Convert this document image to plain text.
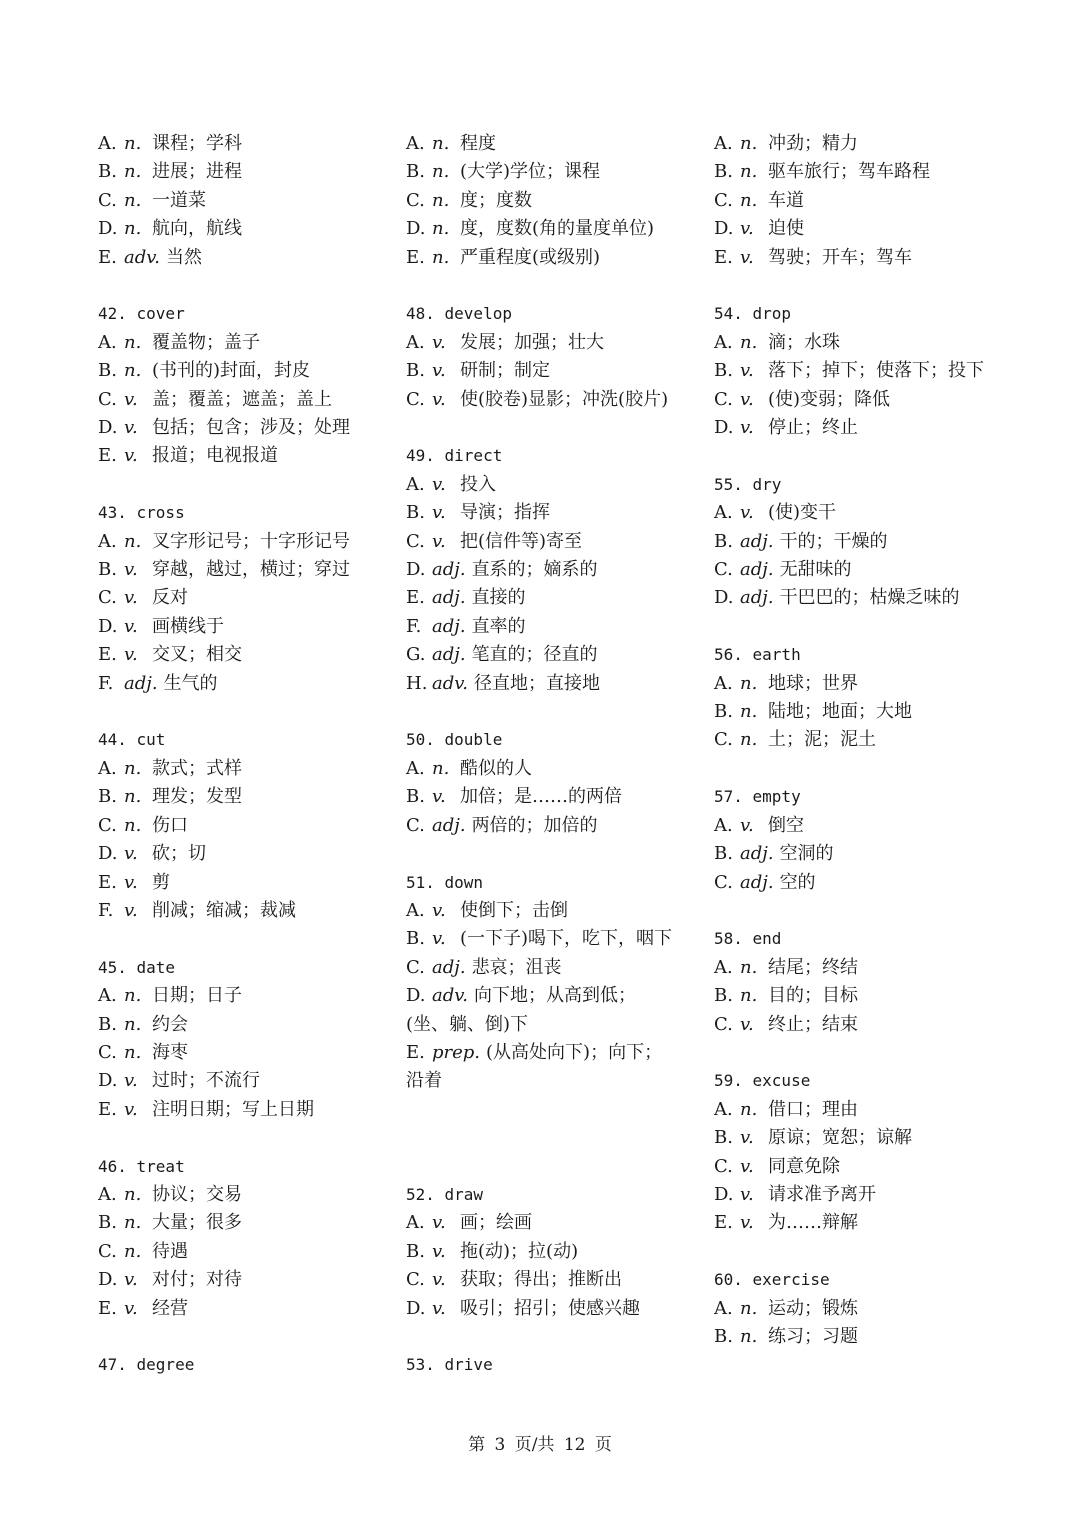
A. n. 课程；学科
B. n. 进展；进程
C. n. 一道菜
D. n. 航向，航线
E. adv. 当然
42. cover
A. n. 覆盖物；盖子
B. n. (书刊的)封面，封皮
C. v. 盖；覆盖；遮盖；盖上
D. v. 包括；包含；涉及；处理
E. v. 报道；电视报道
43. cross
A. n. 叉字形记号；十字形记号
B. v. 穿越，越过，横过；穿过
C. v. 反对
D. v. 画横线于
E. v. 交叉；相交
F. adj. 生气的
44. cut
A. n. 款式；式样
B. n. 理发；发型
C. n. 伤口
D. v. 砍；切
E. v. 剪
F. v. 削减；缩减；裁减
45. date
A. n. 日期；日子
B. n. 约会
C. n. 海枣
D. v. 过时；不流行
E. v. 注明日期；写上日期
46. treat
A. n. 协议；交易
B. n. 大量；很多
C. n. 待遇
D. v. 对付；对待
E. v. 经营
47. degree
A. n. 程度
B. n. (大学)学位；课程
C. n. 度；度数
D. n. 度，度数(角的量度单位)
E. n. 严重程度(或级别)
48. develop
A. v. 发展；加强；壮大
B. v. 研制；制定
C. v. 使(胶卷)显影；冲洗(胶片)
49. direct
A. v. 投入
B. v. 导演；指挥
C. v. 把(信件等)寄至
D. adj. 直系的；嫡系的
E. adj. 直接的
F. adj. 直率的
G. adj. 笔直的；径直的
H. adv. 径直地；直接地
50. double
A. n. 酷似的人
B. v. 加倍；是……的两倍
C. adj. 两倍的；加倍的
51. down
A. v. 使倒下；击倒
B. v. (一下子)喝下，吃下，咽下
C. adj. 悲哀；沮丧
D. adv. 向下地；从高到低；(坐、躺、倒)下
E. prep. (从高处向下)；向下；沿着
52. draw
A. v. 画；绘画
B. v. 拖(动)；拉(动)
C. v. 获取；得出；推断出
D. v. 吸引；招引；使感兴趣
53. drive
A. n. 冲劲；精力
B. n. 驱车旅行；驾车路程
C. n. 车道
D. v. 迫使
E. v. 驾驶；开车；驾车
54. drop
A. n. 滴；水珠
B. v. 落下；掉下；使落下；投下
C. v. (使)变弱；降低
D. v. 停止；终止
55. dry
A. v. (使)变干
B. adj. 干的；干燥的
C. adj. 无甜味的
D. adj. 干巴巴的；枯燥乏味的
56. earth
A. n. 地球；世界
B. n. 陆地；地面；大地
C. n. 土；泥；泥土
57. empty
A. v. 倒空
B. adj. 空洞的
C. adj. 空的
58. end
A. n. 结尾；终结
B. n. 目的；目标
C. v. 终止；结束
59. excuse
A. n. 借口；理由
B. v. 原谅；宽恕；谅解
C. v. 同意免除
D. v. 请求准予离开
E. v. 为……辩解
60. exercise
A. n. 运动；锻炼
B. n. 练习；习题
第 3 页/共 12 页
